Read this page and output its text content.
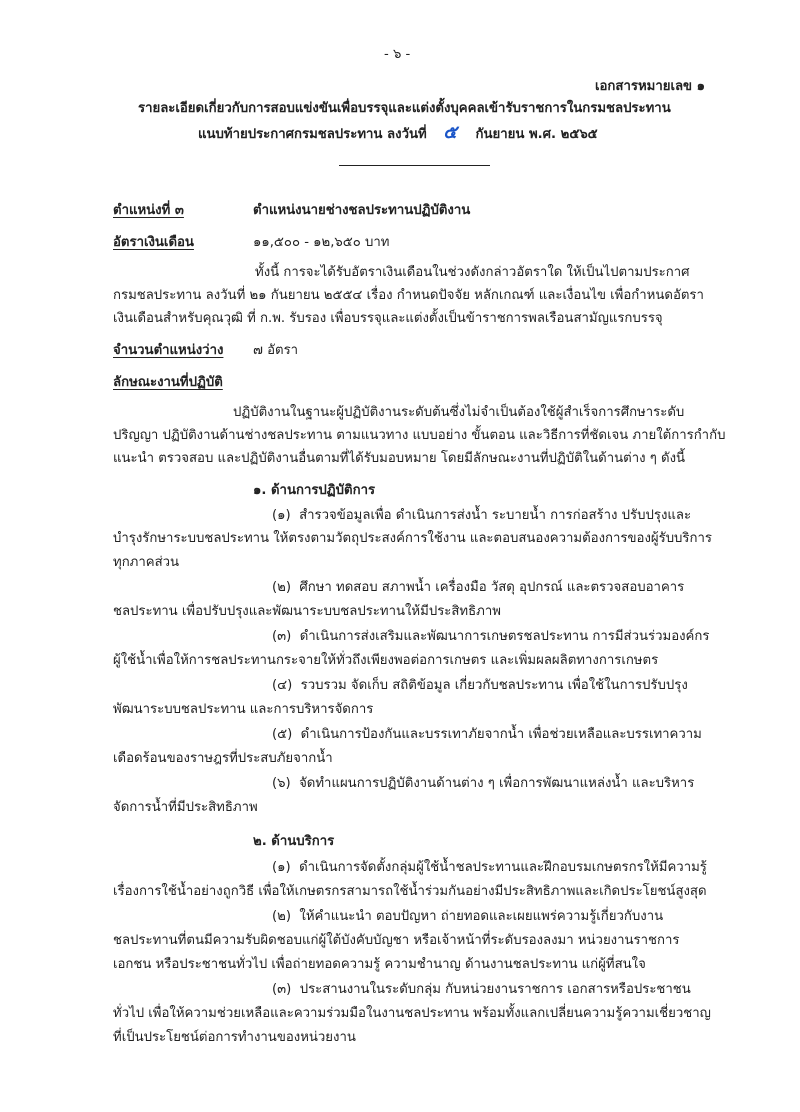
- ๖ -
เอกสารหมายเลข ๑
รายละเอียดเกี่ยวกับการสอบแข่งขันเพื่อบรรจุและแต่งตั้งบุคคลเข้ารับราชการในกรมชลประทาน
แนบท้ายประกาศกรมชลประทาน ลงวันที่ ๕ กันยายน พ.ศ. ๒๕๖๕
ตำแหน่งที่ ๓	ตำแหน่งนายช่างชลประทานปฏิบัติงาน
อัตราเงินเดือน	๑๑,๕๐๐ - ๑๒,๖๕๐ บาท
ทั้งนี้ การจะได้รับอัตราเงินเดือนในช่วงดังกล่าวอัตราใด ให้เป็นไปตามประกาศ
กรมชลประทาน ลงวันที่ ๒๑ กันยายน ๒๕๕๔ เรื่อง กำหนดปัจจัย หลักเกณฑ์ และเงื่อนไข เพื่อกำหนดอัตรา
เงินเดือนสำหรับคุณวุฒิ ที่ ก.พ. รับรอง เพื่อบรรจุและแต่งตั้งเป็นข้าราชการพลเรือนสามัญแรกบรรจุ
จำนวนตำแหน่งว่าง ๗ อัตรา
ลักษณะงานที่ปฏิบัติ
ปฏิบัติงานในฐานะผู้ปฏิบัติงานระดับต้นซึ่งไม่จำเป็นต้องใช้ผู้สำเร็จการศึกษาระดับ
ปริญญา ปฏิบัติงานด้านช่างชลประทาน ตามแนวทาง แบบอย่าง ขั้นตอน และวิธีการที่ชัดเจน ภายใต้การกำกับ
แนะนำ ตรวจสอบ และปฏิบัติงานอื่นตามที่ได้รับมอบหมาย โดยมีลักษณะงานที่ปฏิบัติในด้านต่าง ๆ ดังนี้
๑. ด้านการปฏิบัติการ
(๑) สำรวจข้อมูลเพื่อ ดำเนินการส่งน้ำ ระบายน้ำ การก่อสร้าง ปรับปรุงและ
บำรุงรักษาระบบชลประทาน ให้ตรงตามวัตถุประสงค์การใช้งาน และตอบสนองความต้องการของผู้รับบริการ
ทุกภาคส่วน
(๒) ศึกษา ทดสอบ สภาพน้ำ เครื่องมือ วัสดุ อุปกรณ์ และตรวจสอบอาคาร
ชลประทาน เพื่อปรับปรุงและพัฒนาระบบชลประทานให้มีประสิทธิภาพ
(๓) ดำเนินการส่งเสริมและพัฒนาการเกษตรชลประทาน การมีส่วนร่วมองค์กร
ผู้ใช้น้ำเพื่อให้การชลประทานกระจายให้ทั่วถึงเพียงพอต่อการเกษตร และเพิ่มผลผลิตทางการเกษตร
(๔) รวบรวม จัดเก็บ สถิติข้อมูล เกี่ยวกับชลประทาน เพื่อใช้ในการปรับปรุง
พัฒนาระบบชลประทาน และการบริหารจัดการ
(๕) ดำเนินการป้องกันและบรรเทาภัยจากน้ำ เพื่อช่วยเหลือและบรรเทาความ
เดือดร้อนของราษฎรที่ประสบภัยจากน้ำ
(๖) จัดทำแผนการปฏิบัติงานด้านต่าง ๆ เพื่อการพัฒนาแหล่งน้ำ และบริหาร
จัดการน้ำที่มีประสิทธิภาพ
๒. ด้านบริการ
(๑) ดำเนินการจัดตั้งกลุ่มผู้ใช้น้ำชลประทานและฝึกอบรมเกษตรกรให้มีความรู้
เรื่องการใช้น้ำอย่างถูกวิธี เพื่อให้เกษตรกรสามารถใช้น้ำร่วมกันอย่างมีประสิทธิภาพและเกิดประโยชน์สูงสุด
(๒) ให้คำแนะนำ ตอบปัญหา ถ่ายทอดและเผยแพร่ความรู้เกี่ยวกับงาน
ชลประทานที่ตนมีความรับผิดชอบแก่ผู้ใต้บังคับบัญชา หรือเจ้าหน้าที่ระดับรองลงมา หน่วยงานราชการ
เอกชน หรือประชาชนทั่วไป เพื่อถ่ายทอดความรู้ ความชำนาญ ด้านงานชลประทาน แก่ผู้ที่สนใจ
(๓) ประสานงานในระดับกลุ่ม กับหน่วยงานราชการ เอกสารหรือประชาชน
ทั่วไป เพื่อให้ความช่วยเหลือและความร่วมมือในงานชลประทาน พร้อมทั้งแลกเปลี่ยนความรู้ความเชี่ยวชาญ
ที่เป็นประโยชน์ต่อการทำงานของหน่วยงาน
